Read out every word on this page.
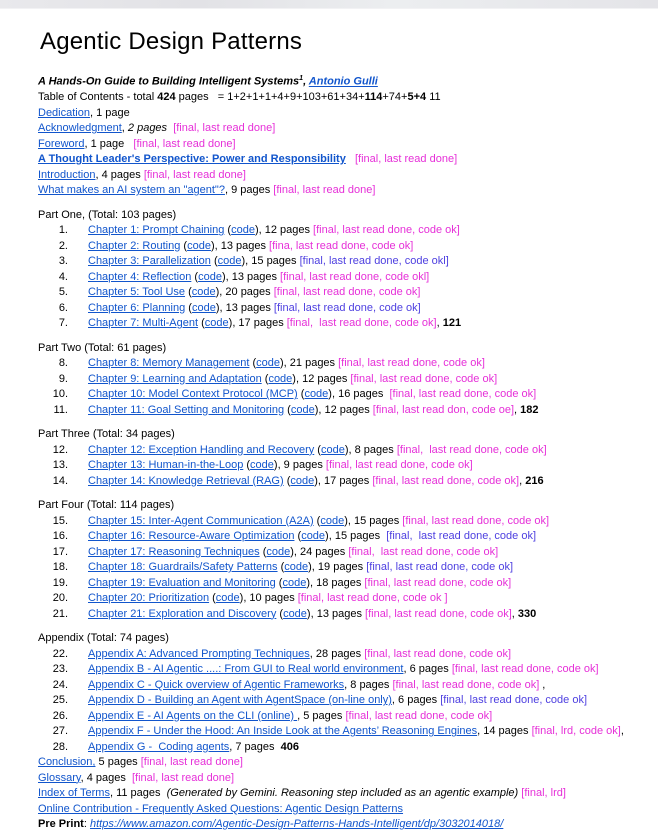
Agentic Design Patterns
A Hands-On Guide to Building Intelligent Systems$^1$, Antonio Gulli
Table of Contents - total 424 pages   = 1+2+1+1+4+9+103+61+34+114+74+5+4 11
Dedication, 1 page
Acknowledgment, 2 pages [final, last read done]
Foreword, 1 page   [final, last read done]
A Thought Leader's Perspective: Power and Responsibility [final, last read done]
Introduction, 4 pages [final, last read done]
What makes an AI system an "agent"?, 9 pages [final, last read done]
Part One, (Total: 103 pages)
1. Chapter 1: Prompt Chaining (code), 12 pages [final, last read done, code ok]
2. Chapter 2: Routing (code), 13 pages [fina, last read done, code ok]
3. Chapter 3: Parallelization (code), 15 pages [final, last read done, code okl]
4. Chapter 4: Reflection (code), 13 pages [final, last read done, code okl]
5. Chapter 5: Tool Use (code), 20 pages [final, last read done, code ok]
6. Chapter 6: Planning (code), 13 pages [final, last read done, code ok]
7. Chapter 7: Multi-Agent (code), 17 pages [final,  last read done, code ok], 121
Part Two (Total: 61 pages)
8. Chapter 8: Memory Management (code), 21 pages [final, last read done, code ok]
9. Chapter 9: Learning and Adaptation (code), 12 pages [final, last read done, code ok]
10. Chapter 10: Model Context Protocol (MCP) (code), 16 pages  [final, last read done, code ok]
11. Chapter 11: Goal Setting and Monitoring (code), 12 pages [final, last read don, code oe], 182
Part Three (Total: 34 pages)
12. Chapter 12: Exception Handling and Recovery (code), 8 pages [final,  last read done, code ok]
13. Chapter 13: Human-in-the-Loop (code), 9 pages [final, last read done, code ok]
14. Chapter 14: Knowledge Retrieval (RAG) (code), 17 pages [final, last read done, code ok], 216
Part Four (Total: 114 pages)
15. Chapter 15: Inter-Agent Communication (A2A) (code), 15 pages [final, last read done, code ok]
16. Chapter 16: Resource-Aware Optimization (code), 15 pages  [final,  last read done, code ok]
17. Chapter 17: Reasoning Techniques (code), 24 pages [final,  last read done, code ok]
18. Chapter 18: Guardrails/Safety Patterns (code), 19 pages [final, last read done, code ok]
19. Chapter 19: Evaluation and Monitoring (code), 18 pages [final, last read done, code ok]
20. Chapter 20: Prioritization (code), 10 pages [final, last read done, code ok ]
21. Chapter 21: Exploration and Discovery (code), 13 pages [final, last read done, code ok], 330
Appendix (Total: 74 pages)
22. Appendix A: Advanced Prompting Techniques, 28 pages [final, last read done, code ok]
23. Appendix B - AI Agentic ....: From GUI to Real world environment, 6 pages [final, last read done, code ok]
24. Appendix C - Quick overview of Agentic Frameworks, 8 pages [final, last read done, code ok] ,
25. Appendix D - Building an Agent with AgentSpace (on-line only), 6 pages [final, last read done, code ok]
26. Appendix E - AI Agents on the CLI (online) , 5 pages [final, last read done, code ok]
27. Appendix F - Under the Hood: An Inside Look at the Agents’ Reasoning Engines, 14 pages [final, lrd, code ok],
28. Appendix G -  Coding agents, 7 pages  406
Conclusion, 5 pages [final, last read done]
Glossary, 4 pages  [final, last read done]
Index of Terms, 11 pages  (Generated by Gemini. Reasoning step included as an agentic example) [final, lrd]
Online Contribution - Frequently Asked Questions: Agentic Design Patterns
Pre Print: https://www.amazon.com/Agentic-Design-Patterns-Hands-Intelligent/dp/3032014018/
